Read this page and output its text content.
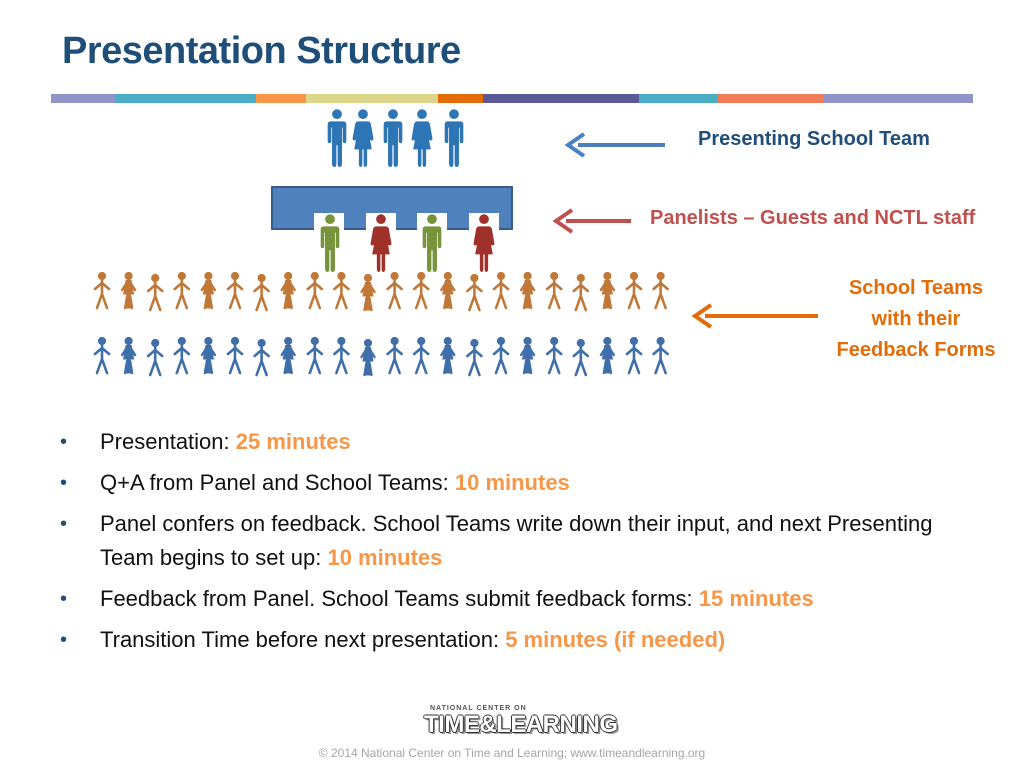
Presentation Structure
Presenting School Team
Panelists – Guests and NCTL staff
School Teams
with their
Feedback Forms
• Presentation: 25 minutes
• Q+A from Panel and School Teams: 10 minutes
• Panel confers on feedback. School Teams write down their input, and next Presenting Team begins to set up: 10 minutes
• Feedback from Panel. School Teams submit feedback forms: 15 minutes
• Transition Time before next presentation: 5 minutes (if needed)
NATIONAL CENTER ON
TIME&LEARNING
© 2014 National Center on Time and Learning; www.timeandlearning.org
